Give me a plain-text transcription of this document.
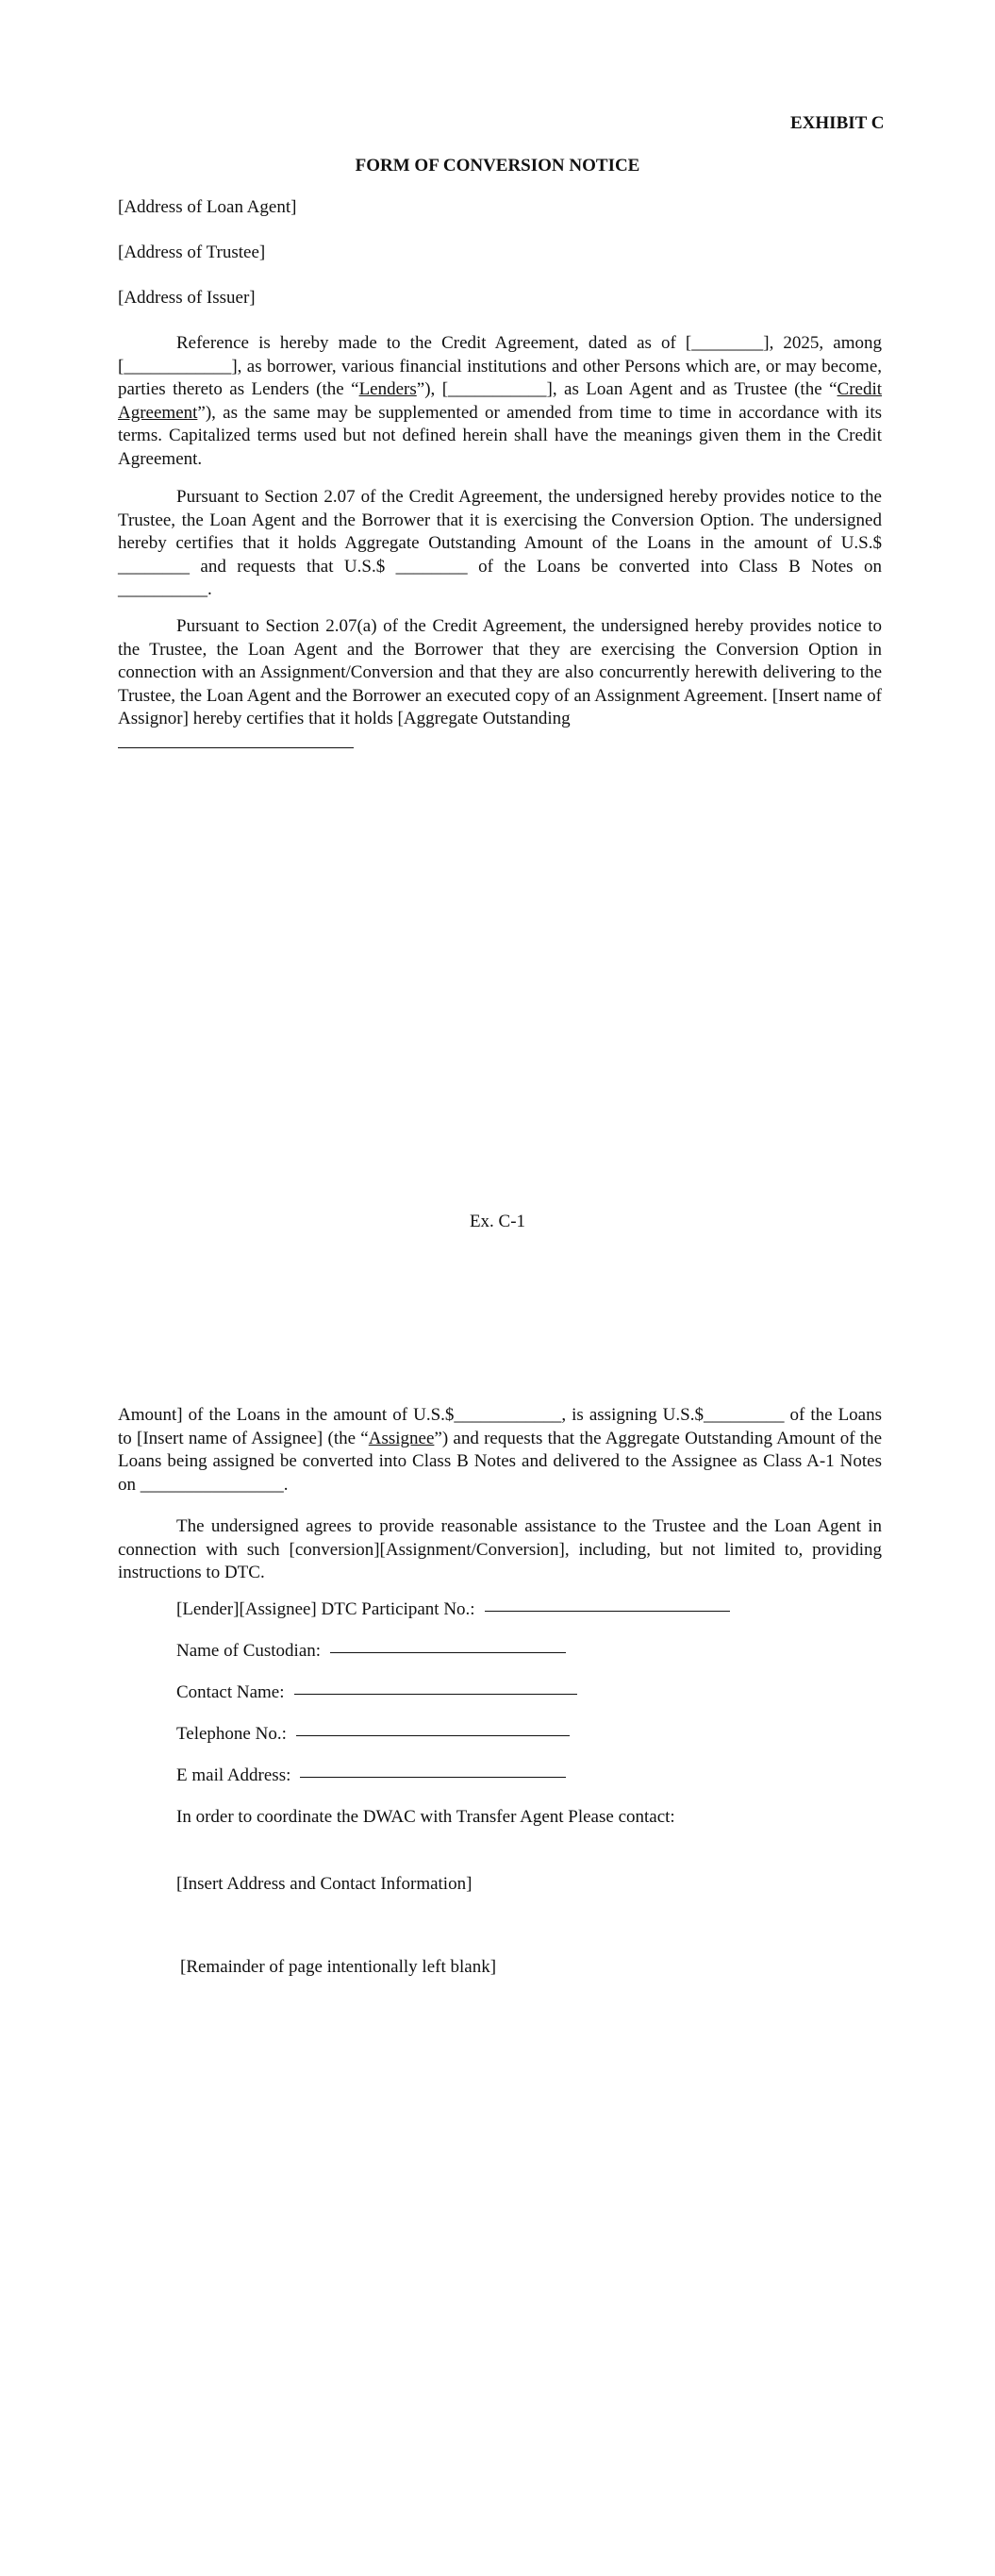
EXHIBIT C
FORM OF CONVERSION NOTICE
[Address of Loan Agent]
[Address of Trustee]
[Address of Issuer]
Reference is hereby made to the Credit Agreement, dated as of [________], 2025, among [____________], as borrower, various financial institutions and other Persons which are, or may become, parties thereto as Lenders (the “Lenders”), [___________], as Loan Agent and as Trustee (the “Credit Agreement”), as the same may be supplemented or amended from time to time in accordance with its terms. Capitalized terms used but not defined herein shall have the meanings given them in the Credit Agreement.
Pursuant to Section 2.07 of the Credit Agreement, the undersigned hereby provides notice to the Trustee, the Loan Agent and the Borrower that it is exercising the Conversion Option. The undersigned hereby certifies that it holds Aggregate Outstanding Amount of the Loans in the amount of U.S.$ ________ and requests that U.S.$ ________ of the Loans be converted into Class B Notes on __________.
Pursuant to Section 2.07(a) of the Credit Agreement, the undersigned hereby provides notice to the Trustee, the Loan Agent and the Borrower that they are exercising the Conversion Option in connection with an Assignment/Conversion and that they are also concurrently herewith delivering to the Trustee, the Loan Agent and the Borrower an executed copy of an Assignment Agreement. [Insert name of Assignor] hereby certifies that it holds [Aggregate Outstanding
Ex. C-1
Amount] of the Loans in the amount of U.S.$____________, is assigning U.S.$_________ of the Loans to [Insert name of Assignee] (the “Assignee”) and requests that the Aggregate Outstanding Amount of the Loans being assigned be converted into Class B Notes and delivered to the Assignee as Class A-1 Notes on ________________.
The undersigned agrees to provide reasonable assistance to the Trustee and the Loan Agent in connection with such [conversion][Assignment/Conversion], including, but not limited to, providing instructions to DTC.
[Lender][Assignee] DTC Participant No.:
Name of Custodian:
Contact Name:
Telephone No.:
E mail Address:
In order to coordinate the DWAC with Transfer Agent Please contact:
[Insert Address and Contact Information]
[Remainder of page intentionally left blank]
